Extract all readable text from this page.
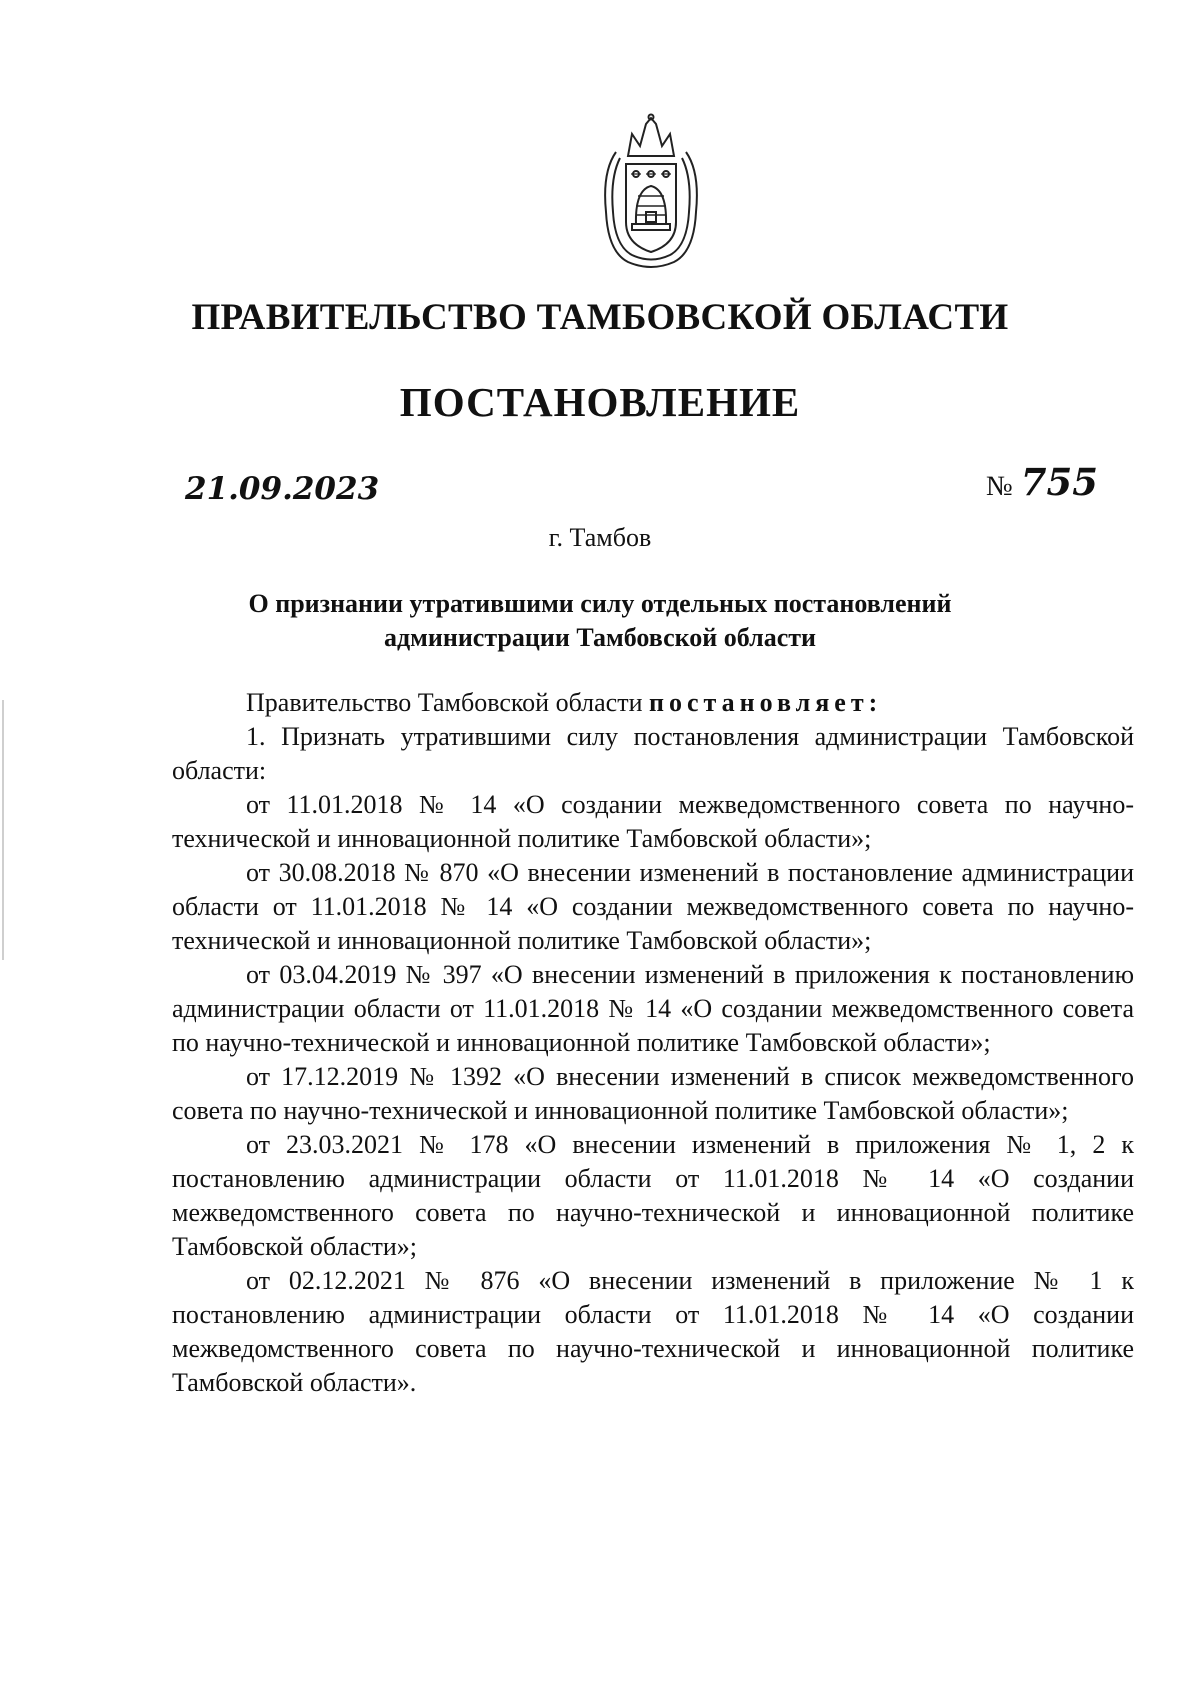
ПРАВИТЕЛЬСТВО ТАМБОВСКОЙ ОБЛАСТИ
ПОСТАНОВЛЕНИЕ
21.09.2023	№ 755
г. Тамбов
О признании утратившими силу отдельных постановлений
администрации Тамбовской области

Правительство Тамбовской области постановляет:

1. Признать утратившими силу постановления администрации Тамбовской области:

от 11.01.2018 № 14 «О создании межведомственного совета по научно-технической и инновационной политике Тамбовской области»;

от 30.08.2018 № 870 «О внесении изменений в постановление администрации области от 11.01.2018 № 14 «О создании межведомственного совета по научно-технической и инновационной политике Тамбовской области»;

от 03.04.2019 № 397 «О внесении изменений в приложения к постановлению администрации области от 11.01.2018 № 14 «О создании межведомственного совета по научно-технической и инновационной политике Тамбовской области»;

от 17.12.2019 № 1392 «О внесении изменений в список межведомственного совета по научно-технической и инновационной политике Тамбовской области»;

от 23.03.2021 № 178 «О внесении изменений в приложения № 1, 2 к постановлению администрации области от 11.01.2018 № 14 «О создании межведомственного совета по научно-технической и инновационной политике Тамбовской области»;

от 02.12.2021 № 876 «О внесении изменений в приложение № 1 к постановлению администрации области от 11.01.2018 № 14 «О создании межведомственного совета по научно-технической и инновационной политике Тамбовской области».
